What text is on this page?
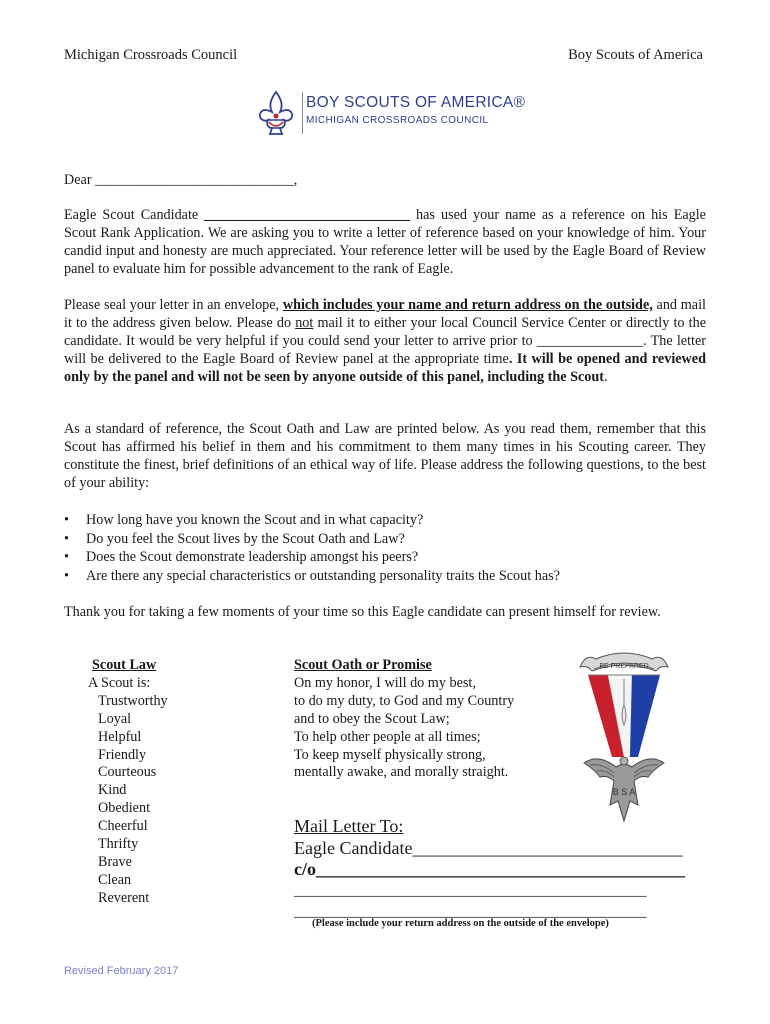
Michigan Crossroads Council	Boy Scouts of America
BOY SCOUTS OF AMERICA®
MICHIGAN CROSSROADS COUNCIL
Dear ____________________________,
Eagle Scout Candidate _____________________________ has used your name as a reference on his Eagle Scout Rank Application. We are asking you to write a letter of reference based on your knowledge of him. Your candid input and honesty are much appreciated. Your reference letter will be used by the Eagle Board of Review panel to evaluate him for possible advancement to the rank of Eagle.
Please seal your letter in an envelope, which includes your name and return address on the outside, and mail it to the address given below. Please do not mail it to either your local Council Service Center or directly to the candidate. It would be very helpful if you could send your letter to arrive prior to _______________. The letter will be delivered to the Eagle Board of Review panel at the appropriate time. It will be opened and reviewed only by the panel and will not be seen by anyone outside of this panel, including the Scout.
As a standard of reference, the Scout Oath and Law are printed below. As you read them, remember that this Scout has affirmed his belief in them and his commitment to them many times in his Scouting career. They constitute the finest, brief definitions of an ethical way of life. Please address the following questions, to the best of your ability:
• How long have you known the Scout and in what capacity?
• Do you feel the Scout lives by the Scout Oath and Law?
• Does the Scout demonstrate leadership amongst his peers?
• Are there any special characteristics or outstanding personality traits the Scout has?
Thank you for taking a few moments of your time so this Eagle candidate can present himself for review.
Scout Law
A Scout is:
Trustworthy
Loyal
Helpful
Friendly
Courteous
Kind
Obedient
Cheerful
Thrifty
Brave
Clean
Reverent
Scout Oath or Promise
On my honor, I will do my best,
to do my duty, to God and my Country
and to obey the Scout Law;
To help other people at all times;
To keep myself physically strong,
mentally awake, and morally straight.
BE PREPARED
B S A
Mail Letter To:
Eagle Candidate______________________________
c/o_________________________________________
_______________________________________________
_______________________________________________
(Please include your return address on the outside of the envelope)
Revised February 2017
